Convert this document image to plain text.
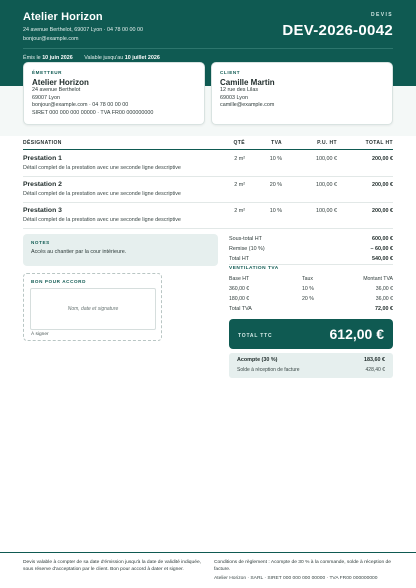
Atelier Horizon
24 avenue Berthelot, 69007 Lyon · 04 78 00 00 00
bonjour@example.com
DEVIS
DEV-2026-0042
Émis le 10 juin 2026 Valable jusqu'au 10 juillet 2026
ÉMETTEUR
Atelier Horizon
24 avenue Berthelot
69007 Lyon
bonjour@example.com · 04 78 00 00 00
SIRET 000 000 000 00000 · TVA FR00 000000000
CLIENT
Camille Martin
12 rue des Lilas
69003 Lyon
camille@example.com
DÉSIGNATION	QTÉ	TVA	P.U. HT	TOTAL HT
Prestation 1
Détail complet de la prestation avec une seconde ligne descriptive
2 m²	10 %	100,00 €	200,00 €
Prestation 2
Détail complet de la prestation avec une seconde ligne descriptive
2 m²	20 %	100,00 €	200,00 €
Prestation 3
Détail complet de la prestation avec une seconde ligne descriptive
2 m²	10 %	100,00 €	200,00 €
NOTES
Accès au chantier par la cour intérieure.
BON POUR ACCORD
Nom, date et signature
À signer
Sous-total HT	600,00 €
Remise (10 %)	– 60,00 €
Total HT	540,00 €
VENTILATION TVA
Base HT	Taux	Montant TVA
360,00 €	10 %	36,00 €
180,00 €	20 %	36,00 €
Total TVA	72,00 €
TOTAL TTC	612,00 €
Acompte (30 %)	183,60 €
Solde à réception de facture	428,40 €
Devis valable à compter de sa date d'émission jusqu'à la date de validité indiquée, sous réserve d'acceptation par le client. Bon pour accord à dater et signer.
Conditions de règlement : Acompte de 30 % à la commande, solde à réception de facture.
Atelier Horizon · SARL · SIRET 000 000 000 00000 · TVA FR00 000000000
